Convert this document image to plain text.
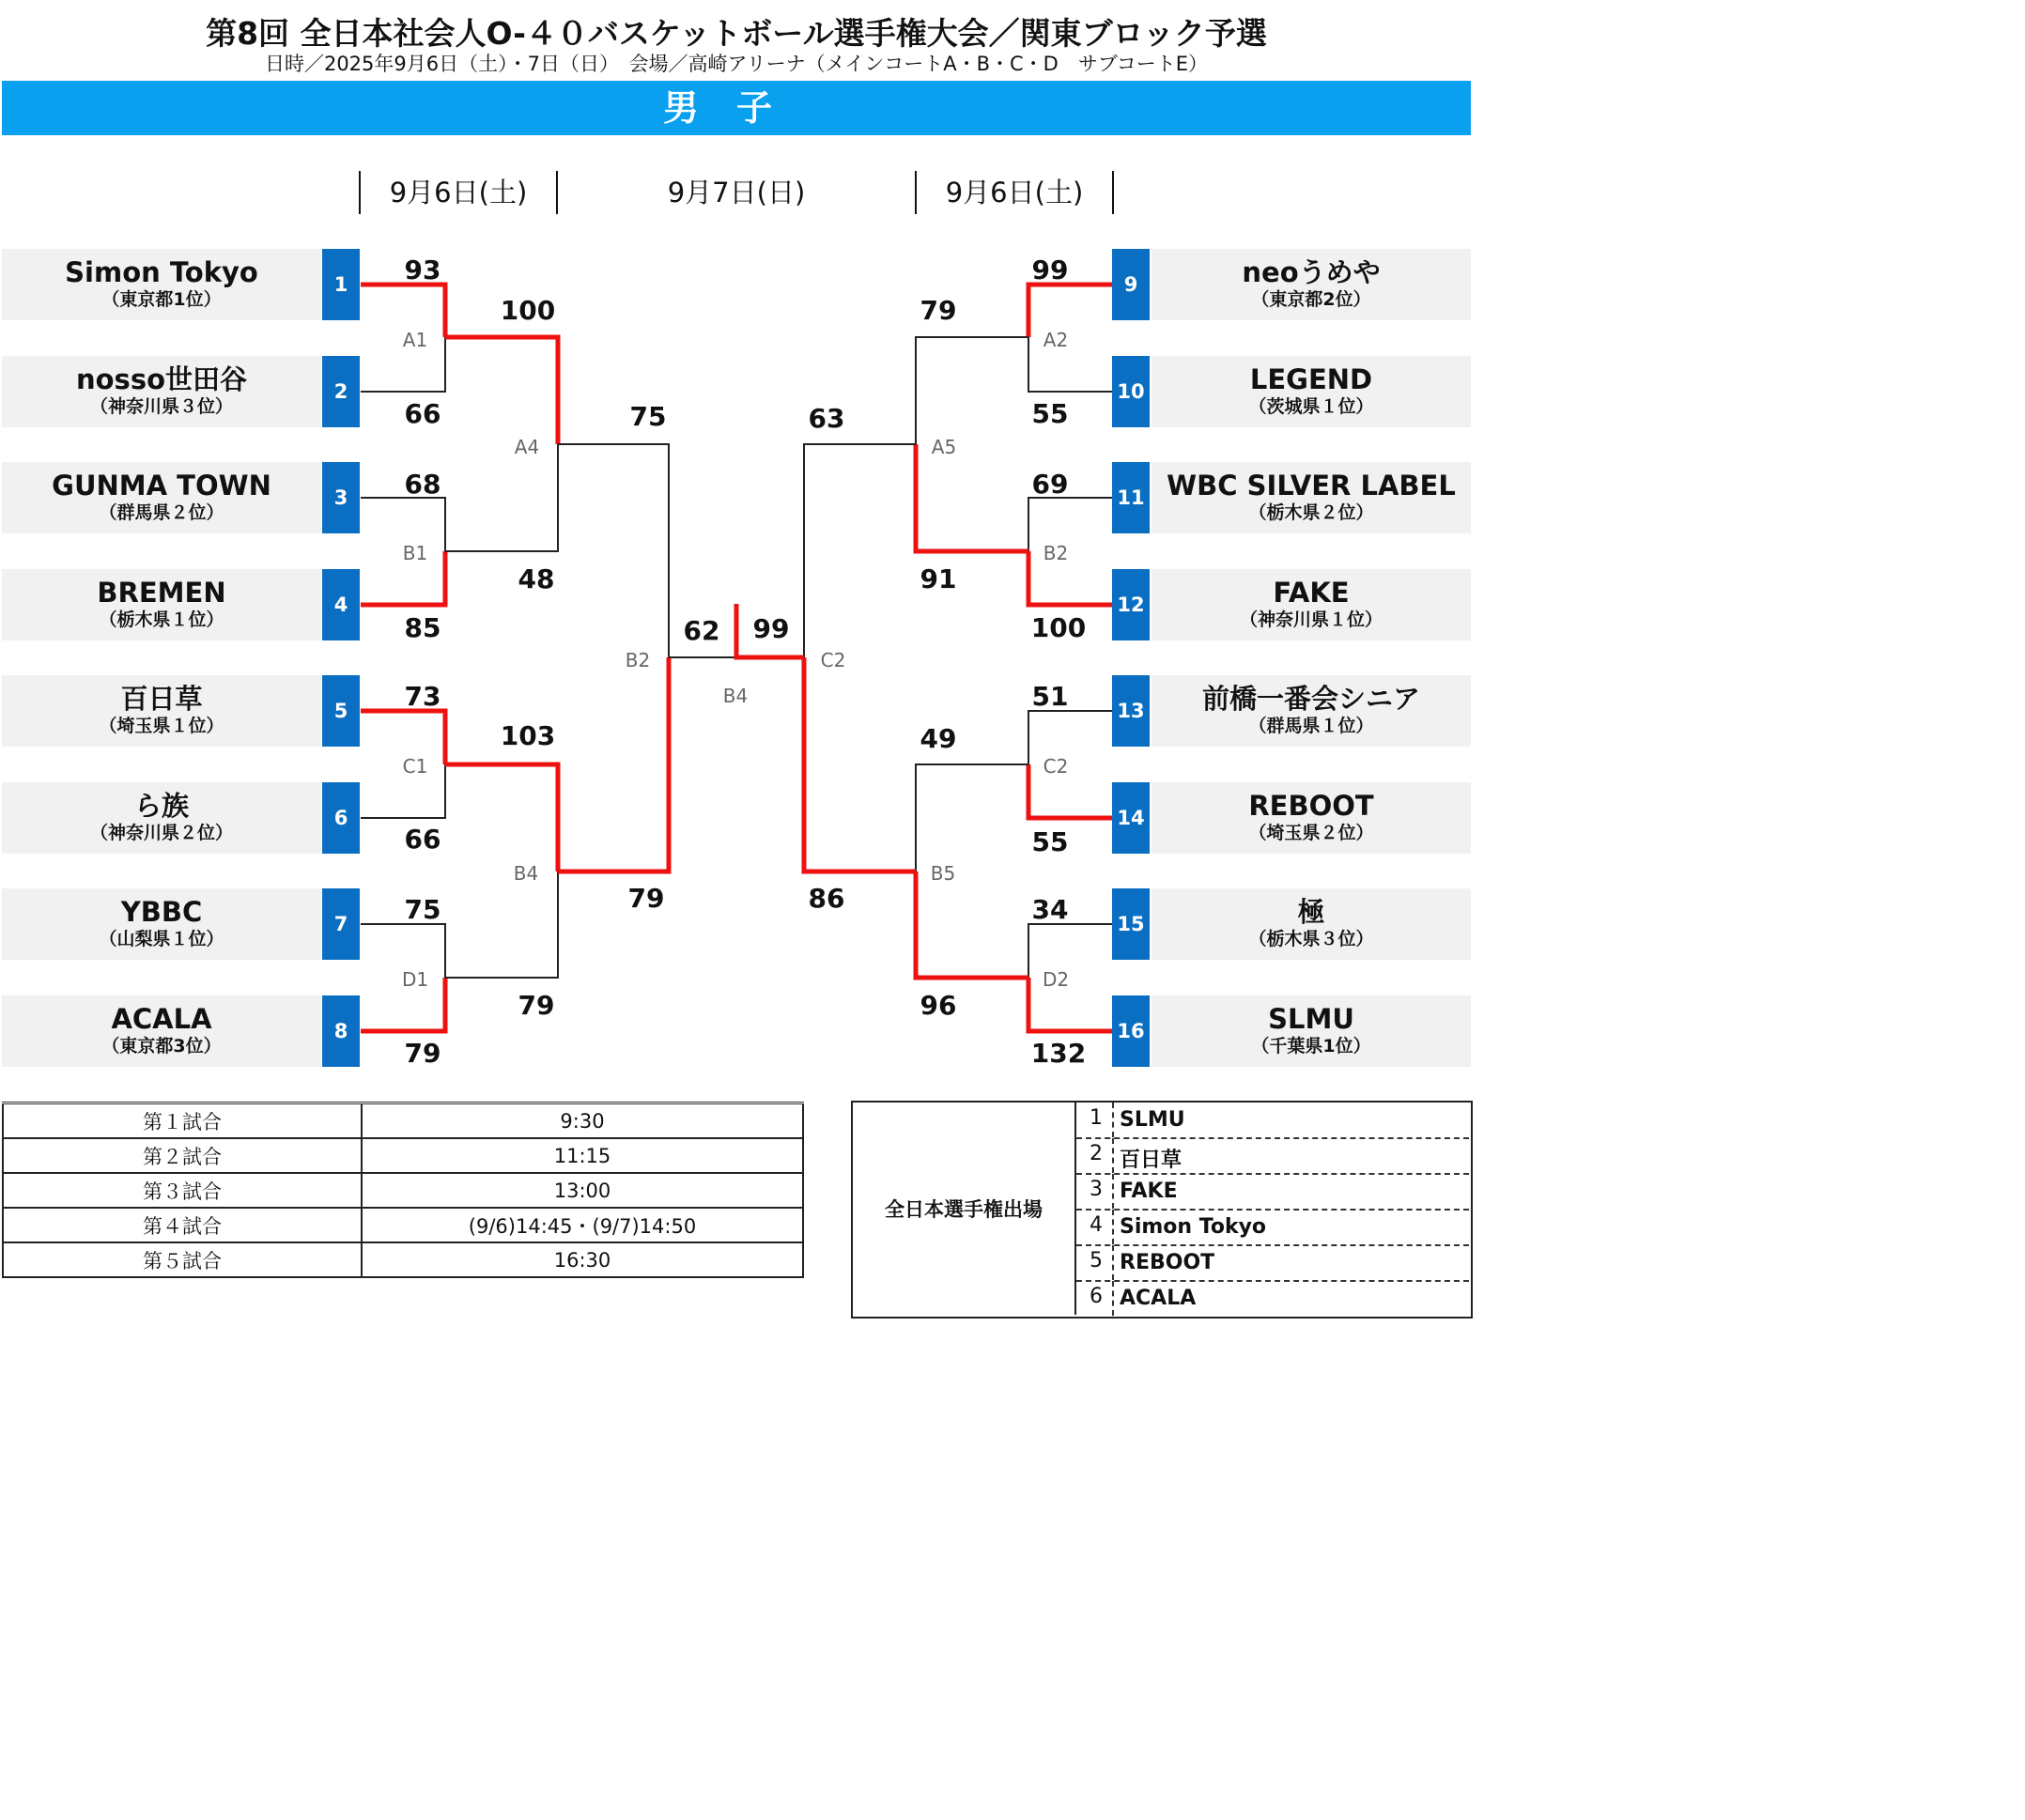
第8回 全日本社会人O-４０バスケットボール選手権大会／関東ブロック予選
日時／2025年9月6日（土）・7日（日）　会場／高崎アリーナ（メインコートA・B・C・D　サブコートE）
男子
9月6日(土)	9月7日(日)	9月6日(土)
Simon Tokyo
（東京都1位）
1
nosso世田谷
（神奈川県３位）
2
GUNMA TOWN
（群馬県２位）
3
BREMEN
（栃木県１位）
4
百日草
（埼玉県１位）
5
ら族
（神奈川県２位）
6
YBBC
（山梨県１位）
7
ACALA
（東京都3位）
8
neoうめや
（東京都2位）
9
LEGEND
（茨城県１位）
10
WBC SILVER LABEL
（栃木県２位）
11
FAKE
（神奈川県１位）
12
前橋一番会シニア
（群馬県１位）
13
REBOOT
（埼玉県２位）
14
極
（栃木県３位）
15
SLMU
（千葉県1位）
16
93
66
68
85
73
66
75
79
99
55
69
100
51
55
34
132
100
48
103
79
79
91
49
96
75
79
63
86
62	99
A1
B1
C1
D1
A2
B2
C2
D2
A4
B4
A5
B5
B2	C2
B4
第１試合	9:30
第２試合	11:15
第３試合	13:00
第４試合	(9/6)14:45・(9/7)14:50
第５試合	16:30
全日本選手権出場
1 SLMU
2 百日草
3 FAKE
4 Simon Tokyo
5 REBOOT
6 ACALA
